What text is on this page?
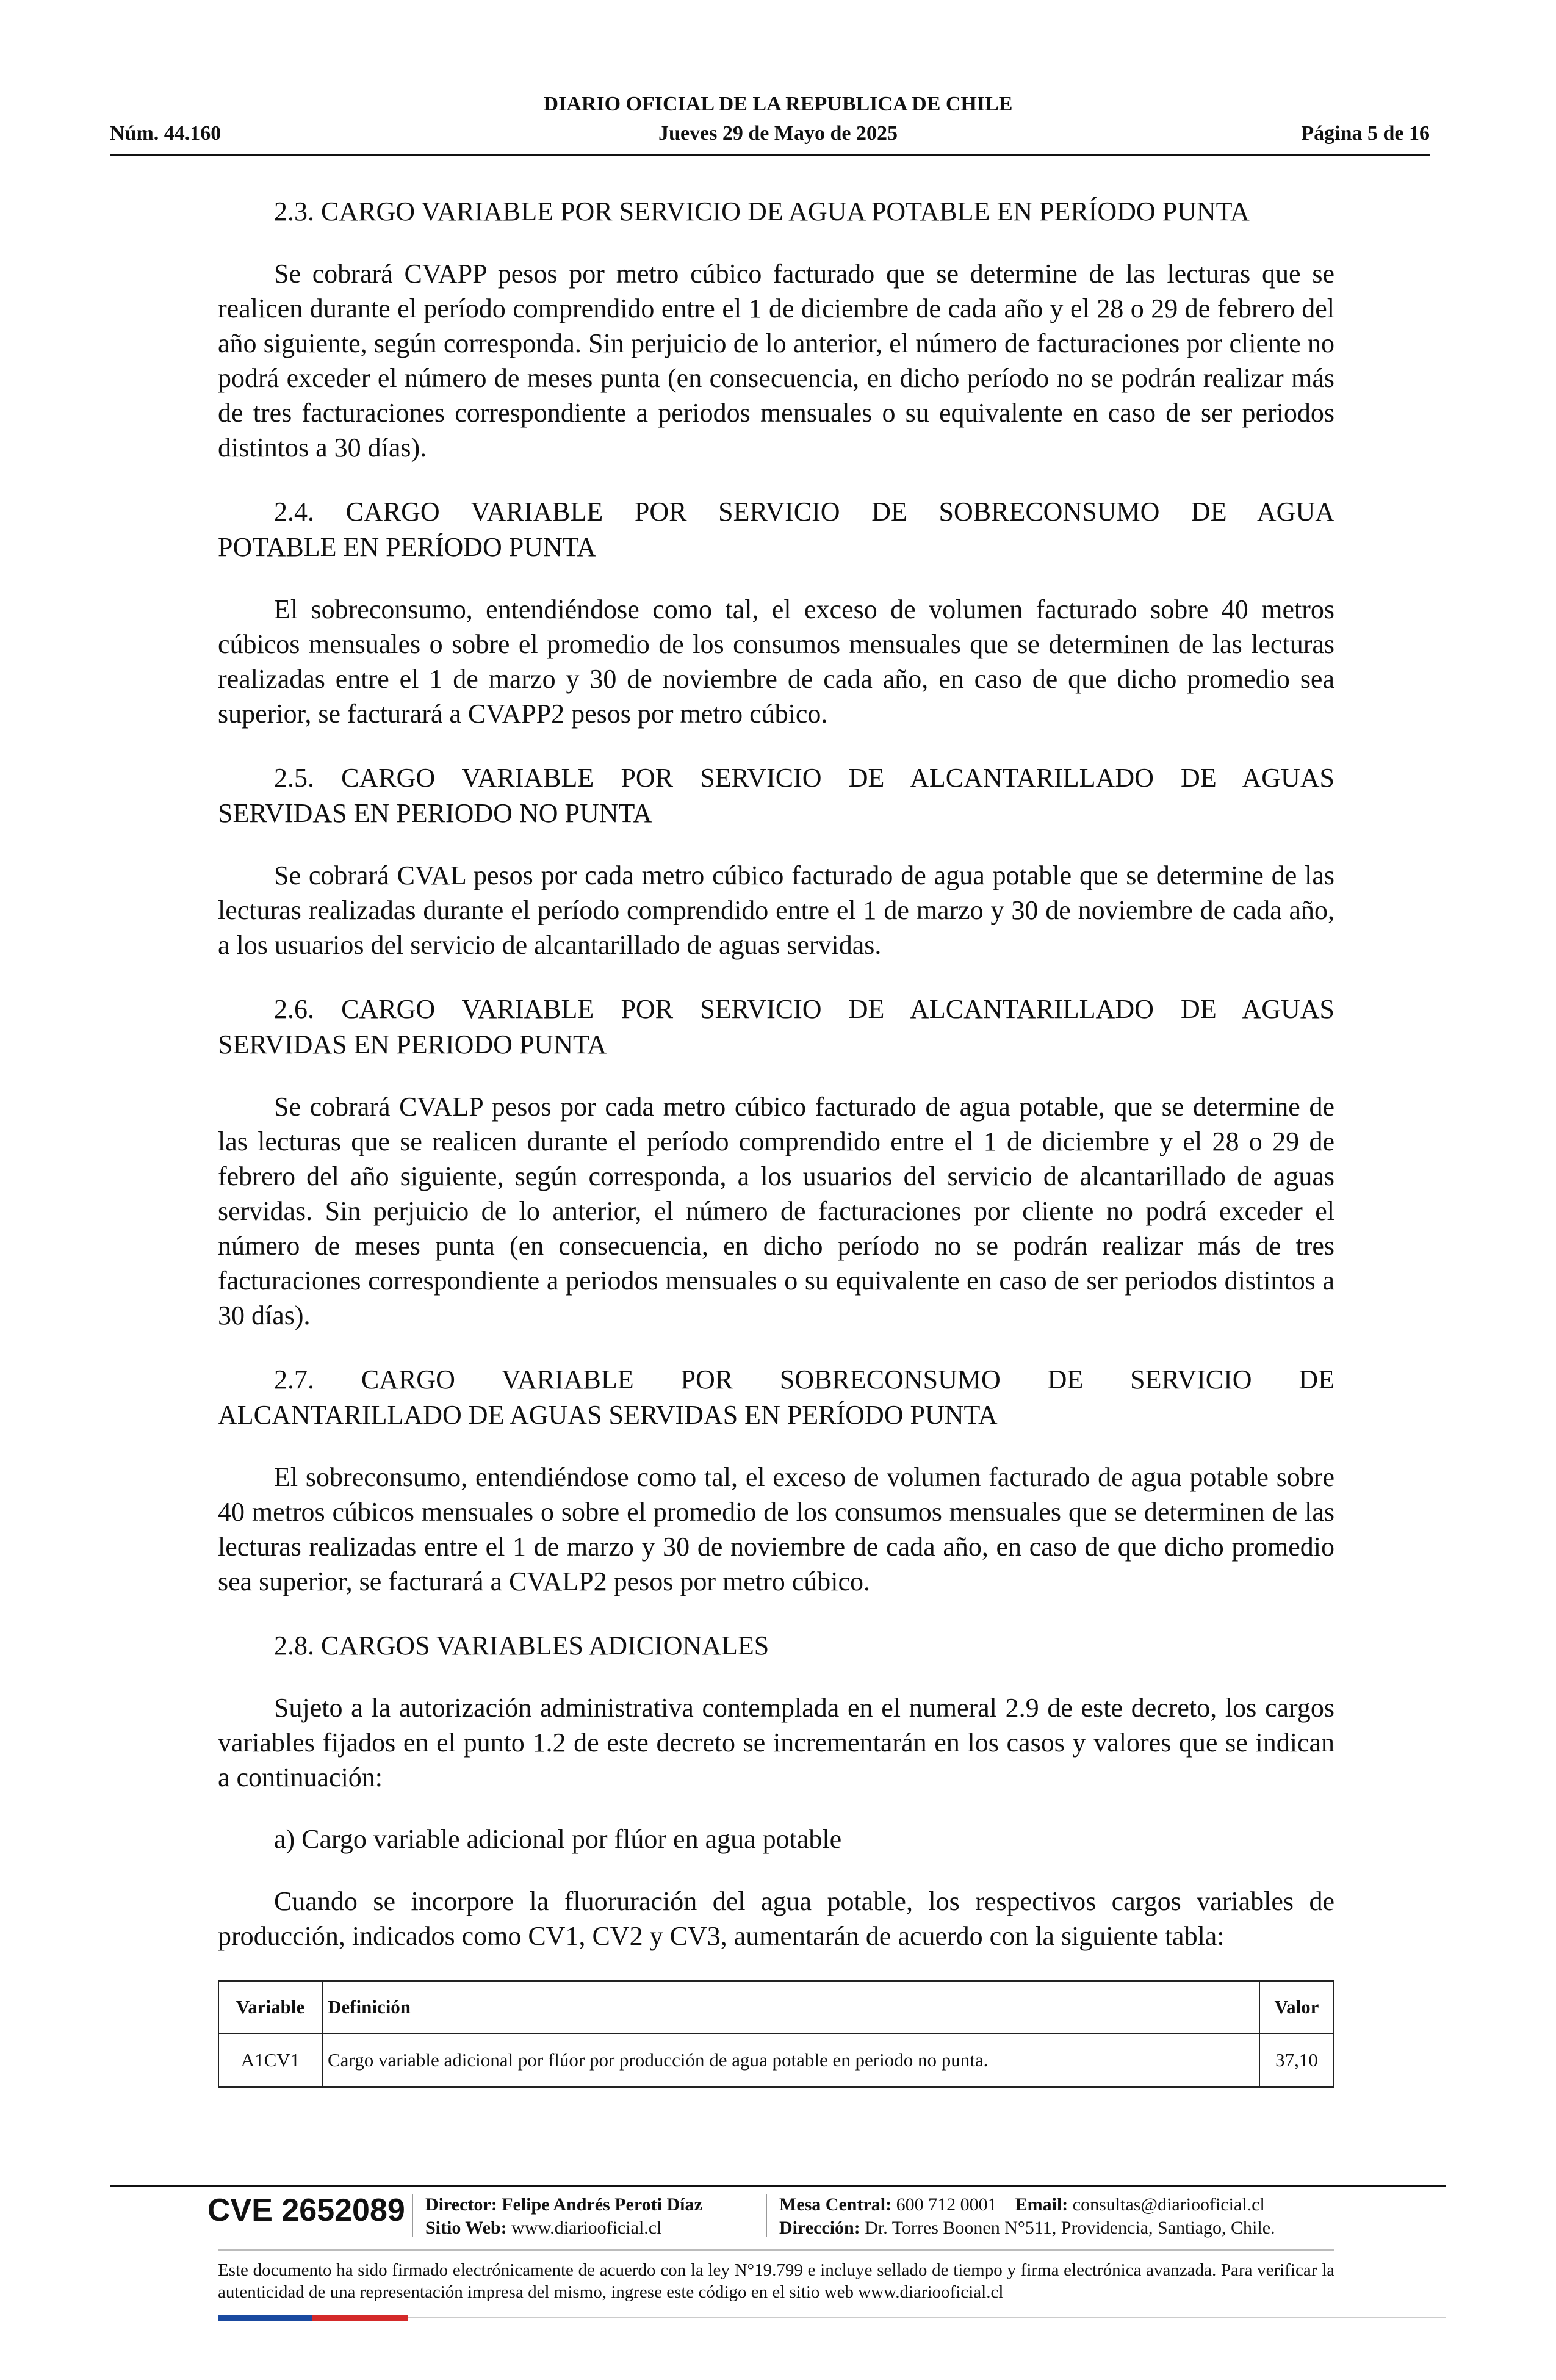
DIARIO OFICIAL DE LA REPUBLICA DE CHILE
Núm. 44.160	Jueves 29 de Mayo de 2025	Página 5 de 16

2.3. CARGO VARIABLE POR SERVICIO DE AGUA POTABLE EN PERÍODO PUNTA

Se cobrará CVAPP pesos por metro cúbico facturado que se determine de las lecturas que se realicen durante el período comprendido entre el 1 de diciembre de cada año y el 28 o 29 de febrero del año siguiente, según corresponda. Sin perjuicio de lo anterior, el número de facturaciones por cliente no podrá exceder el número de meses punta (en consecuencia, en dicho período no se podrán realizar más de tres facturaciones correspondiente a periodos mensuales o su equivalente en caso de ser periodos distintos a 30 días).

2.4. CARGO VARIABLE POR SERVICIO DE SOBRECONSUMO DE AGUA

POTABLE EN PERÍODO PUNTA

El sobreconsumo, entendiéndose como tal, el exceso de volumen facturado sobre 40 metros cúbicos mensuales o sobre el promedio de los consumos mensuales que se determinen de las lecturas realizadas entre el 1 de marzo y 30 de noviembre de cada año, en caso de que dicho promedio sea superior, se facturará a CVAPP2 pesos por metro cúbico.

2.5. CARGO VARIABLE POR SERVICIO DE ALCANTARILLADO DE AGUAS

SERVIDAS EN PERIODO NO PUNTA

Se cobrará CVAL pesos por cada metro cúbico facturado de agua potable que se determine de las lecturas realizadas durante el período comprendido entre el 1 de marzo y 30 de noviembre de cada año, a los usuarios del servicio de alcantarillado de aguas servidas.

2.6. CARGO VARIABLE POR SERVICIO DE ALCANTARILLADO DE AGUAS

SERVIDAS EN PERIODO PUNTA

Se cobrará CVALP pesos por cada metro cúbico facturado de agua potable, que se determine de las lecturas que se realicen durante el período comprendido entre el 1 de diciembre y el 28 o 29 de febrero del año siguiente, según corresponda, a los usuarios del servicio de alcantarillado de aguas servidas. Sin perjuicio de lo anterior, el número de facturaciones por cliente no podrá exceder el número de meses punta (en consecuencia, en dicho período no se podrán realizar más de tres facturaciones correspondiente a periodos mensuales o su equivalente en caso de ser periodos distintos a 30 días).

2.7. CARGO VARIABLE POR SOBRECONSUMO DE SERVICIO DE

ALCANTARILLADO DE AGUAS SERVIDAS EN PERÍODO PUNTA

El sobreconsumo, entendiéndose como tal, el exceso de volumen facturado de agua potable sobre 40 metros cúbicos mensuales o sobre el promedio de los consumos mensuales que se determinen de las lecturas realizadas entre el 1 de marzo y 30 de noviembre de cada año, en caso de que dicho promedio sea superior, se facturará a CVALP2 pesos por metro cúbico.

2.8. CARGOS VARIABLES ADICIONALES

Sujeto a la autorización administrativa contemplada en el numeral 2.9 de este decreto, los cargos variables fijados en el punto 1.2 de este decreto se incrementarán en los casos y valores que se indican a continuación:

a) Cargo variable adicional por flúor en agua potable

Cuando se incorpore la fluoruración del agua potable, los respectivos cargos variables de producción, indicados como CV1, CV2 y CV3, aumentarán de acuerdo con la siguiente tabla:

Variable	Definición	Valor
A1CV1	Cargo variable adicional por flúor por producción de agua potable en periodo no punta.	37,10
CVE 2652089 Director: Felipe Andrés Peroti Díaz
Sitio Web: www.diariooficial.cl
Mesa Central: 600 712 0001 Email: consultas@diariooficial.cl
Dirección: Dr. Torres Boonen N°511, Providencia, Santiago, Chile.
Este documento ha sido firmado electrónicamente de acuerdo con la ley N°19.799 e incluye sellado de tiempo y firma electrónica avanzada. Para verificar la autenticidad de una representación impresa del mismo, ingrese este código en el sitio web www.diariooficial.cl
